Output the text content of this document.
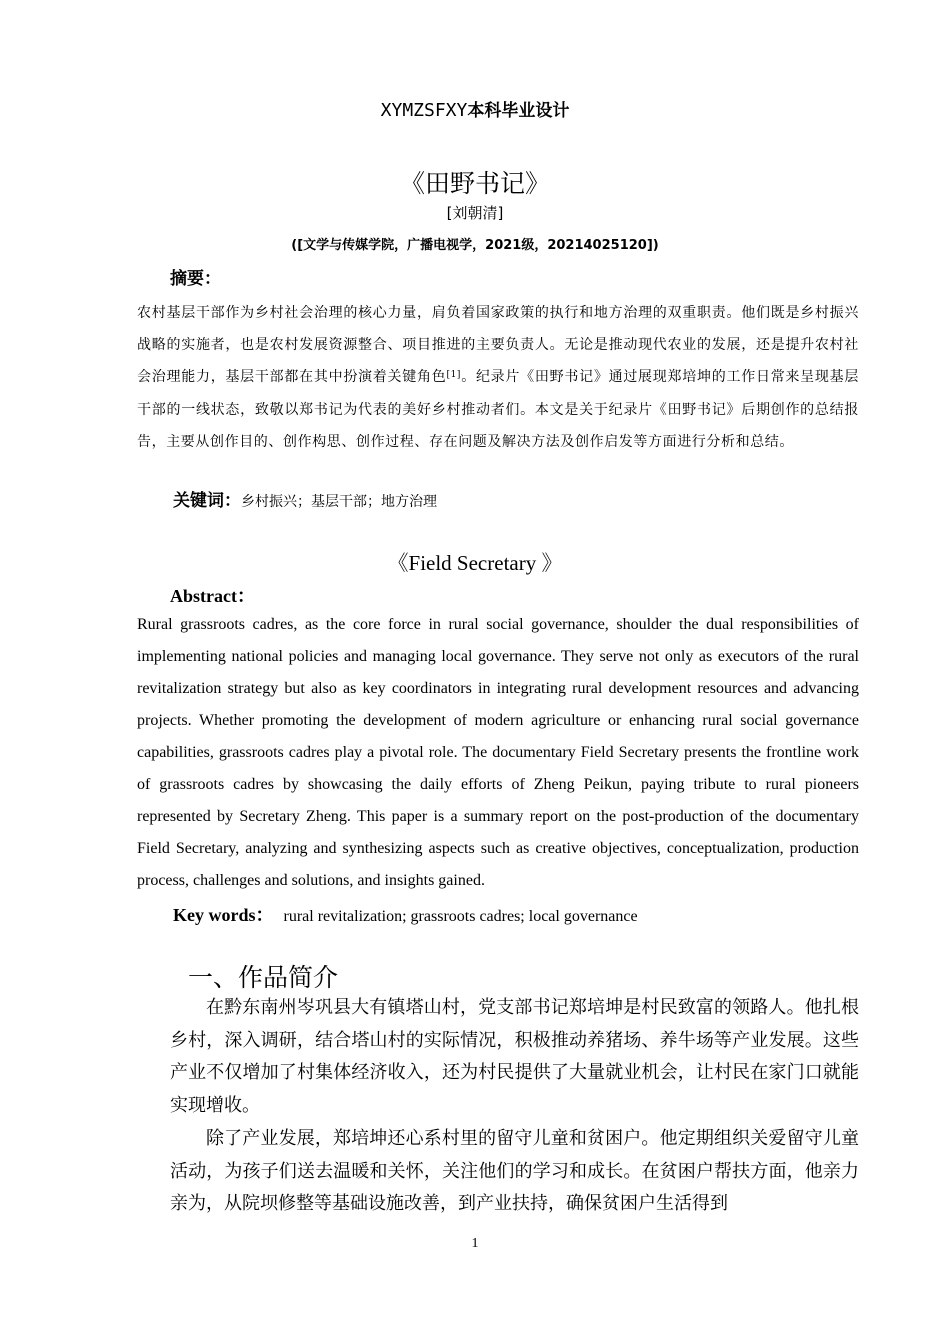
XYMZSFXY本科毕业设计
《田野书记》
[刘朝清]
([文学与传媒学院，广播电视学，2021级，20214025120])
摘要：
农村基层干部作为乡村社会治理的核心力量，肩负着国家政策的执行和地方治理的双重职责。他们既是乡村振兴战略的实施者，也是农村发展资源整合、项目推进的主要负责人。无论是推动现代农业的发展，还是提升农村社会治理能力，基层干部都在其中扮演着关键角色[1]。纪录片《田野书记》通过展现郑培坤的工作日常来呈现基层干部的一线状态，致敬以郑书记为代表的美好乡村推动者们。本文是关于纪录片《田野书记》后期创作的总结报告，主要从创作目的、创作构思、创作过程、存在问题及解决方法及创作启发等方面进行分析和总结。
关键词：乡村振兴；基层干部；地方治理
《Field Secretary 》
Abstract：
Rural grassroots cadres, as the core force in rural social governance, shoulder the dual responsibilities of implementing national policies and managing local governance. They serve not only as executors of the rural revitalization strategy but also as key coordinators in integrating rural development resources and advancing projects. Whether promoting the development of modern agriculture or enhancing rural social governance capabilities, grassroots cadres play a pivotal role. The documentary Field Secretary presents the frontline work of grassroots cadres by showcasing the daily efforts of Zheng Peikun, paying tribute to rural pioneers represented by Secretary Zheng. This paper is a summary report on the post-production of the documentary Field Secretary, analyzing and synthesizing aspects such as creative objectives, conceptualization, production process, challenges and solutions, and insights gained.
Key words： rural revitalization; grassroots cadres; local governance
一、作品简介

在黔东南州岑巩县大有镇塔山村，党支部书记郑培坤是村民致富的领路人。他扎根乡村，深入调研，结合塔山村的实际情况，积极推动养猪场、养牛场等产业发展。这些产业不仅增加了村集体经济收入，还为村民提供了大量就业机会，让村民在家门口就能实现增收。

除了产业发展，郑培坤还心系村里的留守儿童和贫困户。他定期组织关爱留守儿童活动，为孩子们送去温暖和关怀，关注他们的学习和成长。在贫困户帮扶方面，他亲力亲为，从院坝修整等基础设施改善，到产业扶持，确保贫困户生活得到

1
